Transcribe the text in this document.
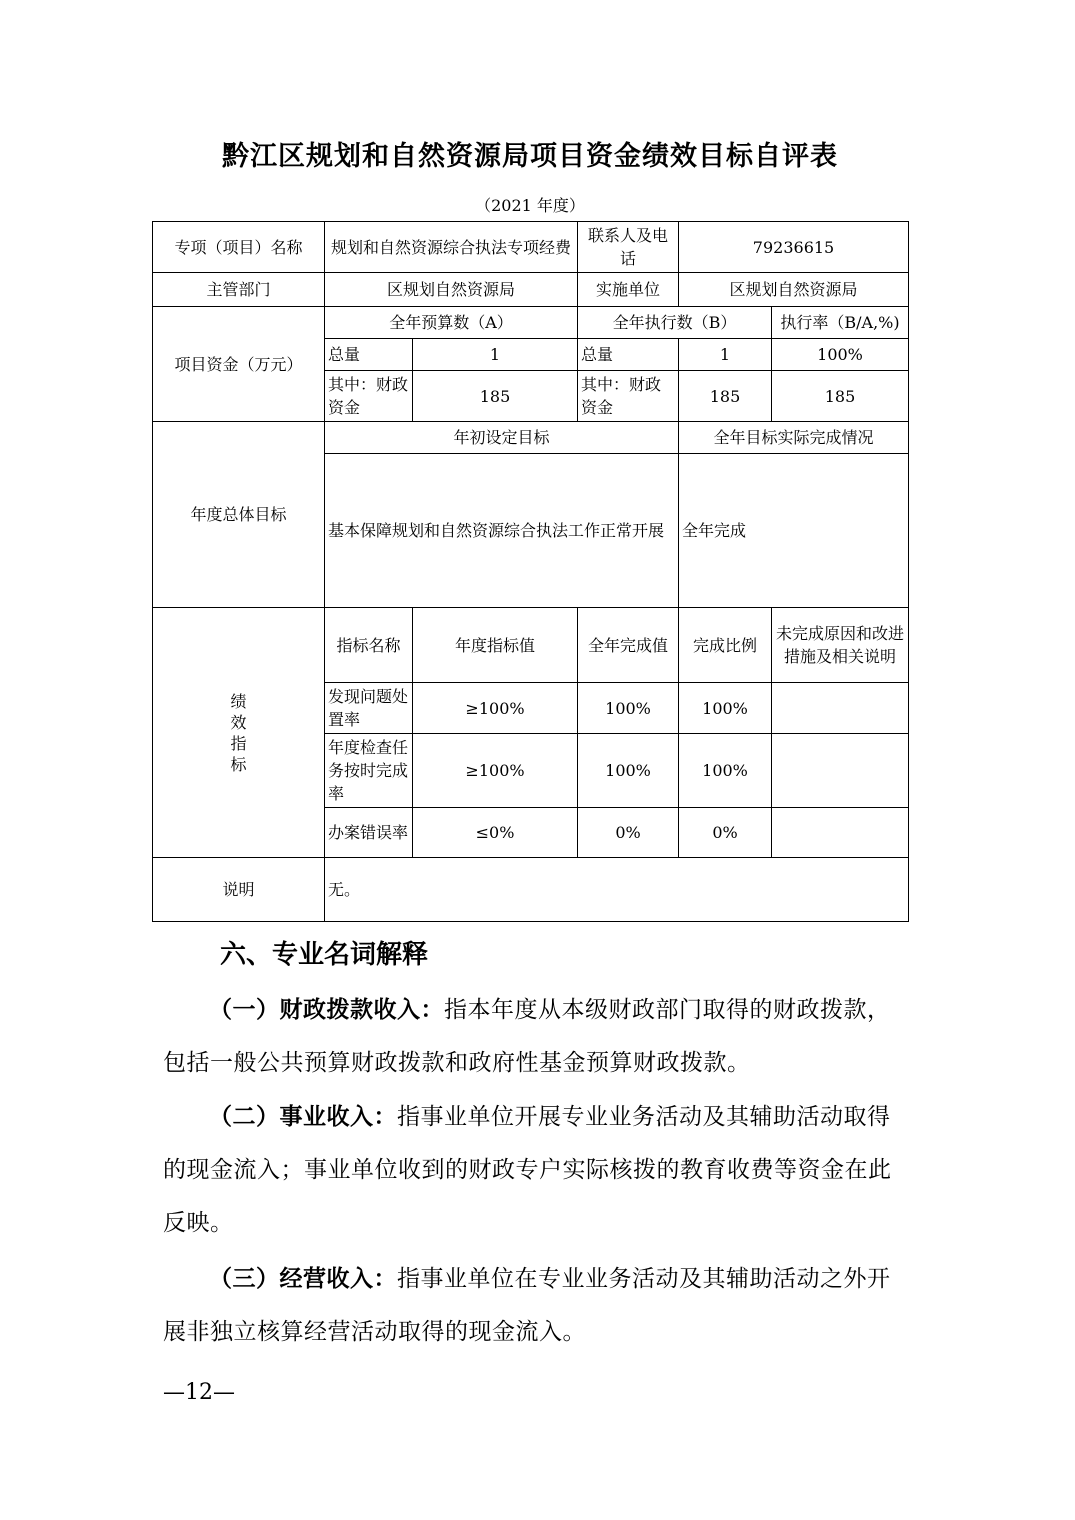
黔江区规划和自然资源局项目资金绩效目标自评表
（2021 年度）
专项（项目）名称	规划和自然资源综合执法专项经费		联系人及电话	79236615	
主管部门	区规划自然资源局		实施单位	区规划自然资源局	
项目资金（万元）	全年预算数（A）		全年执行数（B）		执行率（B/A,%)
	总量	1	总量	1	100%
	其中：财政资金	185	其中：财政资金	185	185
年度总体目标	年初设定目标			全年目标实际完成情况	
	基本保障规划和自然资源综合执法工作正常开展			全年完成	

绩效指标	指标名称	年度指标值	全年完成值	完成比例	未完成原因和改进措施及相关说明
	发现问题处置率	≥100%	100%	100%	
	年度检查任务按时完成率	≥100%	100%	100%	
	办案错误率	≤0%	0%	0%	
说明	无。				
六、专业名词解释
（一）财政拨款收入：指本年度从本级财政部门取得的财政拨款，包括一般公共预算财政拨款和政府性基金预算财政拨款。
（二）事业收入：指事业单位开展专业业务活动及其辅助活动取得的现金流入；事业单位收到的财政专户实际核拨的教育收费等资金在此反映。
（三）经营收入：指事业单位在专业业务活动及其辅助活动之外开展非独立核算经营活动取得的现金流入。
—12—
